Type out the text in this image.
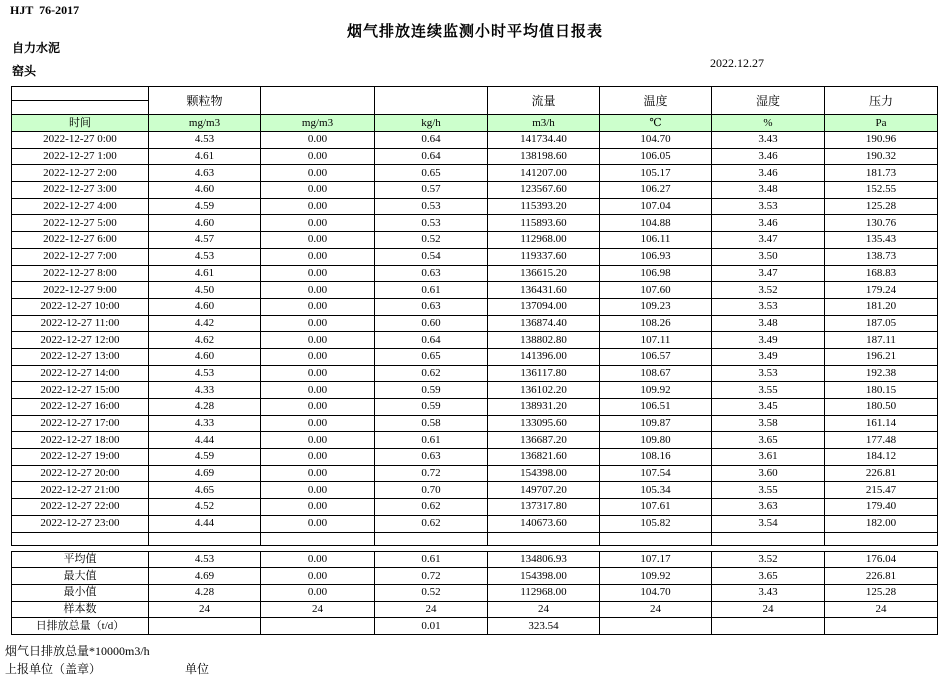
HJT  76-2017
烟气排放连续监测小时平均值日报表
自力水泥
窑头
2022.12.27
	颗粒物			流量	温度	湿度	压力
时间	mg/m3	mg/m3	kg/h	m3/h	℃	%	Pa
2022-12-27 0:00	4.53	0.00	0.64	141734.40	104.70	3.43	190.96
2022-12-27 1:00	4.61	0.00	0.64	138198.60	106.05	3.46	190.32
2022-12-27 2:00	4.63	0.00	0.65	141207.00	105.17	3.46	181.73
2022-12-27 3:00	4.60	0.00	0.57	123567.60	106.27	3.48	152.55
2022-12-27 4:00	4.59	0.00	0.53	115393.20	107.04	3.53	125.28
2022-12-27 5:00	4.60	0.00	0.53	115893.60	104.88	3.46	130.76
2022-12-27 6:00	4.57	0.00	0.52	112968.00	106.11	3.47	135.43
2022-12-27 7:00	4.53	0.00	0.54	119337.60	106.93	3.50	138.73
2022-12-27 8:00	4.61	0.00	0.63	136615.20	106.98	3.47	168.83
2022-12-27 9:00	4.50	0.00	0.61	136431.60	107.60	3.52	179.24
2022-12-27 10:00	4.60	0.00	0.63	137094.00	109.23	3.53	181.20
2022-12-27 11:00	4.42	0.00	0.60	136874.40	108.26	3.48	187.05
2022-12-27 12:00	4.62	0.00	0.64	138802.80	107.11	3.49	187.11
2022-12-27 13:00	4.60	0.00	0.65	141396.00	106.57	3.49	196.21
2022-12-27 14:00	4.53	0.00	0.62	136117.80	108.67	3.53	192.38
2022-12-27 15:00	4.33	0.00	0.59	136102.20	109.92	3.55	180.15
2022-12-27 16:00	4.28	0.00	0.59	138931.20	106.51	3.45	180.50
2022-12-27 17:00	4.33	0.00	0.58	133095.60	109.87	3.58	161.14
2022-12-27 18:00	4.44	0.00	0.61	136687.20	109.80	3.65	177.48
2022-12-27 19:00	4.59	0.00	0.63	136821.60	108.16	3.61	184.12
2022-12-27 20:00	4.69	0.00	0.72	154398.00	107.54	3.60	226.81
2022-12-27 21:00	4.65	0.00	0.70	149707.20	105.34	3.55	215.47
2022-12-27 22:00	4.52	0.00	0.62	137317.80	107.61	3.63	179.40
2022-12-27 23:00	4.44	0.00	0.62	140673.60	105.82	3.54	182.00

平均值	4.53	0.00	0.61	134806.93	107.17	3.52	176.04
最大值	4.69	0.00	0.72	154398.00	109.92	3.65	226.81
最小值	4.28	0.00	0.52	112968.00	104.70	3.43	125.28
样本数	24	24	24	24	24	24	24
日排放总量（t/d）			0.01	323.54			
烟气日排放总量*10000m3/h
上报单位（盖章）	单位
